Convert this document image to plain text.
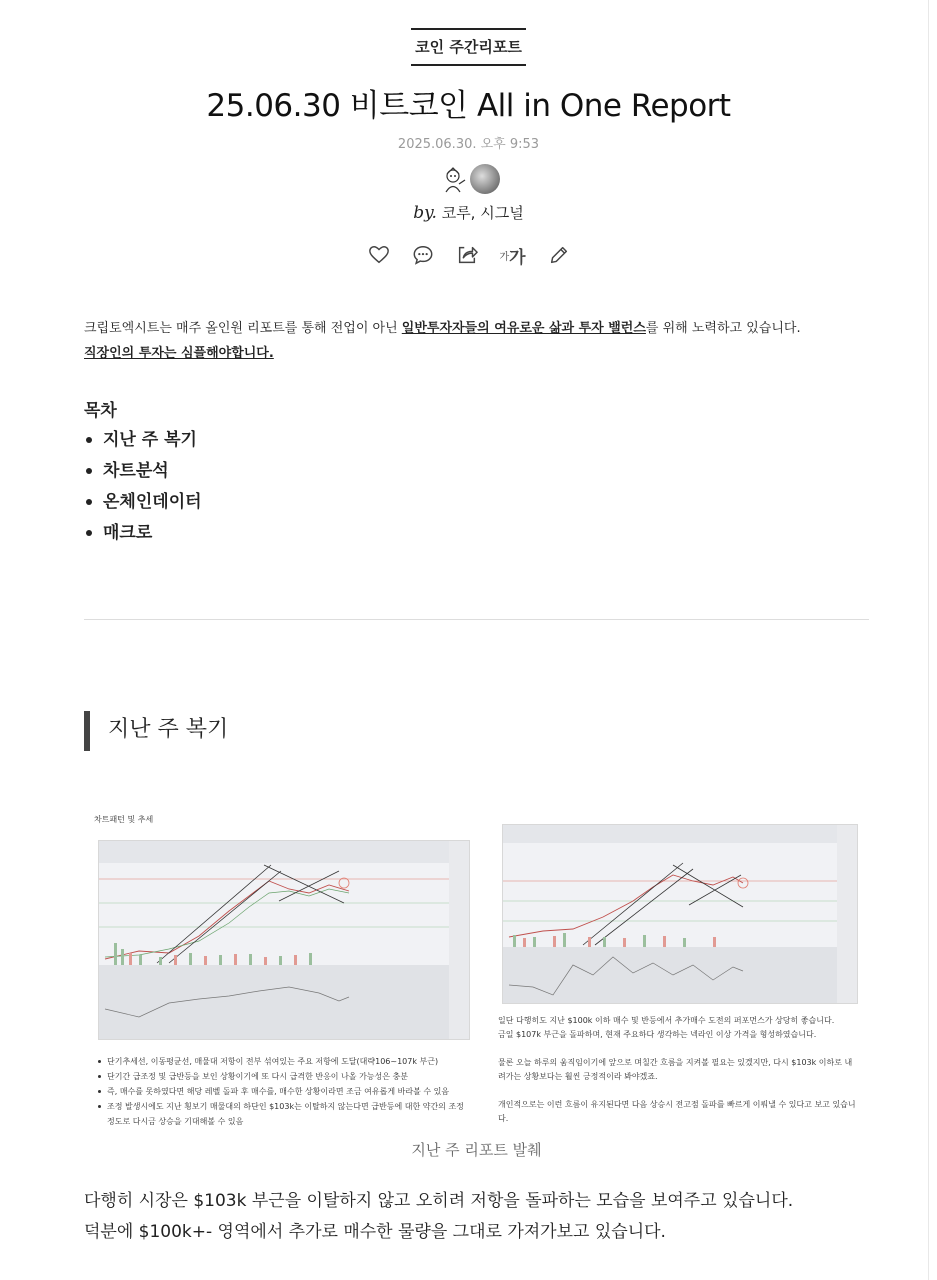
코인 주간리포트
25.06.30 비트코인 All in One Report
2025.06.30. 오후 9:53
by. 코루, 시그널
가 가
크립토엑시트는 매주 올인원 리포트를 통해 전업이 아닌 일반투자자들의 여유로운 삶과 투자 밸런스를 위해 노력하고 있습니다.
직장인의 투자는 심플해야합니다.
목차
지난 주 복기
차트분석
온체인데이터
매크로
지난 주 복기
차트패턴 및 추세
단기추세선, 이동평균선, 매물대 저항이 전부 섞여있는 주요 저항에 도달(대략106~107k 부근)
단기간 급조정 및 급반등을 보인 상황이기에 또 다시 급격한 반응이 나올 가능성은 충분
즉, 매수를 못하였다면 해당 레벨 돌파 후 매수를, 매수한 상황이라면 조금 여유롭게 바라볼 수 있음
조정 발생시에도 지난 횡보기 매물대의 하단인 $103k는 이탈하지 않는다면 급반등에 대한 약간의 조정 정도로 다시금 상승을 기대해볼 수 있음

일단 다행히도 지난 $100k 이하 매수 및 반등에서 추가매수 도전의 퍼포먼스가 상당히 좋습니다.

금일 $107k 부근을 돌파하며, 현재 주요하다 생각하는 넥라인 이상 가격을 형성하였습니다.

물론 오늘 하루의 움직임이기에 앞으로 며칠간 흐름을 지켜볼 필요는 있겠지만, 다시 $103k 이하로 내려가는 상황보다는 훨씬 긍정적이라 봐야겠죠.

개인적으로는 이런 흐름이 유지된다면 다음 상승시 전고점 돌파를 빠르게 이뤄낼 수 있다고 보고 있습니다.

지난 주 리포트 발췌

다행히 시장은 $103k 부근을 이탈하지 않고 오히려 저항을 돌파하는 모습을 보여주고 있습니다.

덕분에 $100k+- 영역에서 추가로 매수한 물량을 그대로 가져가보고 있습니다.
